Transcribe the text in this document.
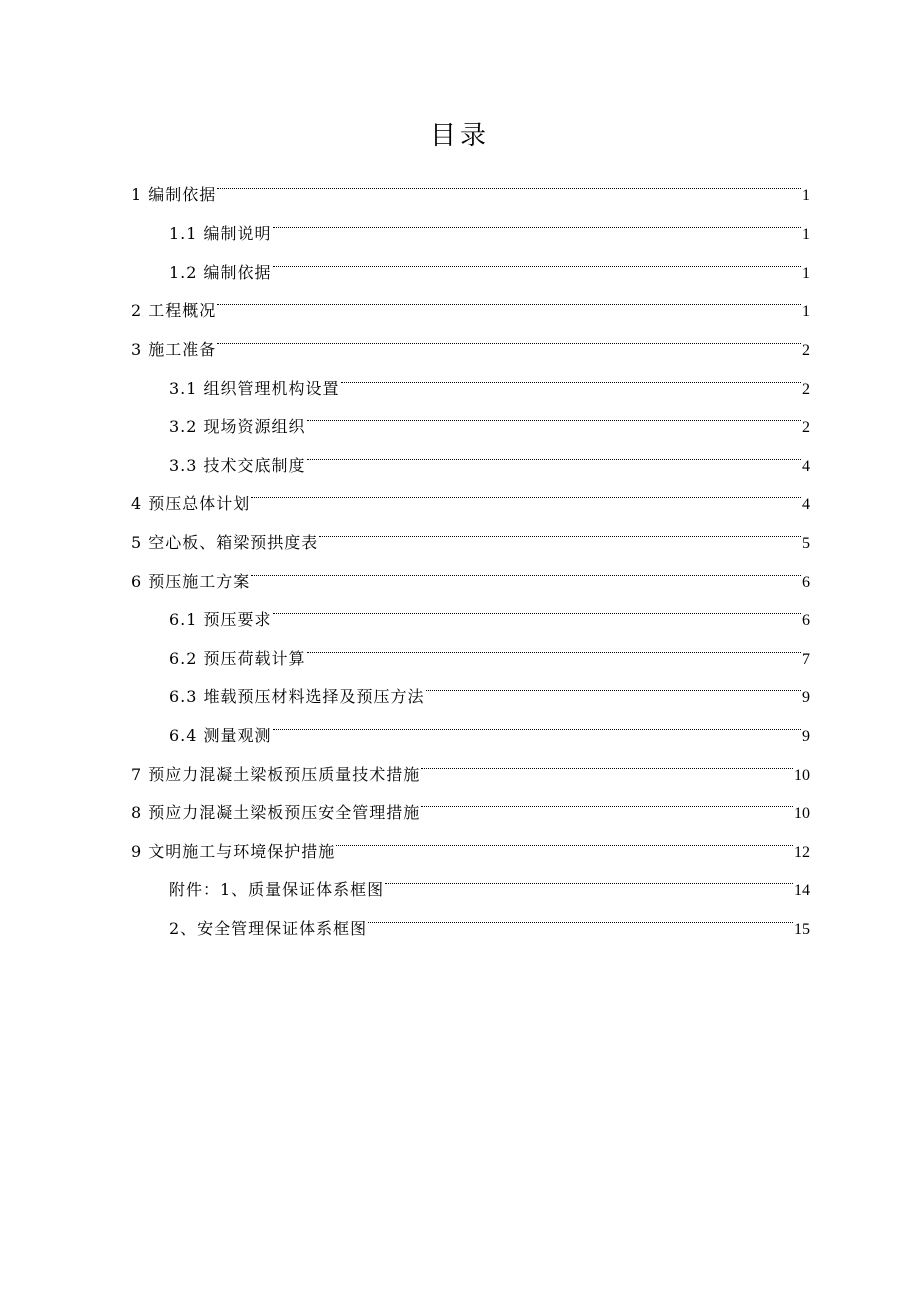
目录
1 编制依据	1
1.1 编制说明	1
1.2 编制依据	1
2 工程概况	1
3 施工准备	2
3.1 组织管理机构设置	2
3.2 现场资源组织	2
3.3 技术交底制度	4
4 预压总体计划	4
5 空心板、箱梁预拱度表	5
6 预压施工方案	6
6.1 预压要求	6
6.2 预压荷载计算	7
6.3 堆载预压材料选择及预压方法	9
6.4 测量观测	9
7 预应力混凝土梁板预压质量技术措施	10
8 预应力混凝土梁板预压安全管理措施	10
9 文明施工与环境保护措施	12
附件：1、质量保证体系框图	14
2、安全管理保证体系框图	15
